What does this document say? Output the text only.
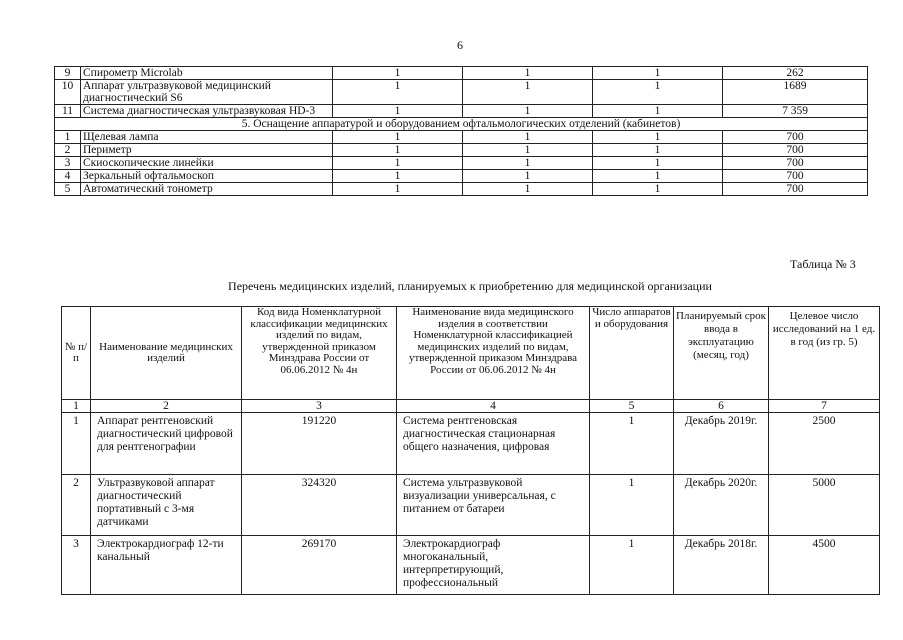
6
9	Спирометр Microlab	1	1	1	262
10	Аппарат ультразвуковой медицинский диагностический S6	1	1	1	1689
11	Система диагностическая ультразвуковая HD-3	1	1	1	7 359
5. Оснащение аппаратурой и оборудованием офтальмологических отделений (кабинетов)					
1	Щелевая лампа	1	1	1	700
2	Периметр	1	1	1	700
3	Скиоскопические линейки	1	1	1	700
4	Зеркальный офтальмоскоп	1	1	1	700
5	Автоматический тонометр	1	1	1	700
Таблица № 3
Перечень медицинских изделий, планируемых к приобретению для медицинской организации
№ п/п	Наименование медицинских изделий	Код вида Номенклатурной классификации медицинских изделий по видам, утвержденной приказом Минздрава России от 06.06.2012 № 4н	Наименование вида медицинского изделия в соответствии Номенклатурной классификацией медицинских изделий по видам, утвержденной приказом Минздрава России от 06.06.2012 № 4н	Число аппаратов и оборудования	Планируемый срок ввода в эксплуатацию (месяц, год)	Целевое число исследований на 1 ед. в год (из гр. 5)
1	2	3	4	5	6	7
1	Аппарат рентгеновский диагностический цифровой для рентгенографии	191220	Система рентгеновская диагностическая стационарная общего назначения, цифровая	1	Декабрь 2019г.	2500
2	Ультразвуковой аппарат диагностический портативный с 3-мя датчиками	324320	Система ультразвуковой визуализации универсальная, с питанием от батареи	1	Декабрь 2020г.	5000
3	Электрокардиограф 12-ти канальный	269170	Электрокардиограф многоканальный, интерпретирующий, профессиональный	1	Декабрь 2018г.	4500
